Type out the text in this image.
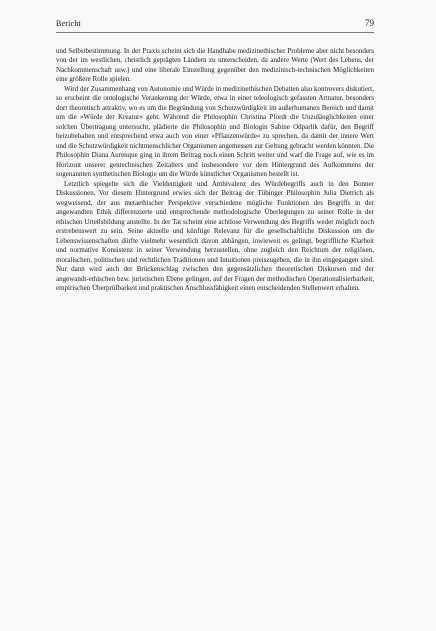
Bericht	79

und Selbstbestimmung. In der Praxis scheint sich die Handhabe medizinethischer Probleme aber nicht besonders von der im westlichen, christlich geprägten Ländern zu unterscheiden, da andere Werte (Wert des Lebens, der Nachkommenschaft usw.) und eine liberale Einstellung gegenüber den medizinisch-technischen Möglichkeiten eine größere Rolle spielen.

Wird der Zusammenhang von Autonomie und Würde in medizinethischen Debatten also kontrovers diskutiert, so erscheint die ontologische Verankerung der Würde, etwa in einer teleologisch gefassten Artnatur, besonders dort theoretisch attraktiv, wo es um die Begründung von Schutzwürdigkeit im außerhumanen Bereich und damit um die »Würde der Kreatur« geht. Während die Philosophin Christina Pfordt die Unzulänglichkeiten einer solchen Übertragung untersucht, plädierte die Philosophin und Biologin Sabine Odparlik dafür, den Begriff beizubehalten und entsprechend etwa auch von einer »Pflanzenwürde« zu sprechen, da damit der innere Wert und die Schutzwürdigkeit nichtmenschlicher Organismen angemessen zur Geltung gebracht werden könnten. Die Philosophin Diana Aurenque ging in ihrem Beitrag noch einen Schritt weiter und warf die Frage auf, wie es im Horizont unserer gentechnischen Zeitalters und insbesondere vor dem Hintergrund des Aufkommens der sogenannten synthetischen Biologie um die Würde künstlicher Organismen bestellt ist.

Letztlich spiegelte sich die Vieldeutigkeit und Ambivalenz des Würdebegriffs auch in den Bonner Diskussionen. Vor diesem Hintergrund erwies sich der Beitrag der Tübinger Philosophin Julia Dietrich als wegweisend, der aus metaethischer Perspektive verschiedene mögliche Funktionen des Begriffs in der angewandten Ethik differenzierte und entsprechende methodologische Überlegungen zu seiner Rolle in der ethischen Urteilsbildung anstellte. In der Tat scheint eine achtlose Verwendung des Begriffs weder möglich noch erstrebenswert zu sein. Seine aktuelle und künftige Relevanz für die gesellschaftliche Diskussion um die Lebenswissenschaften dürfte vielmehr wesentlich davon abhängen, inwieweit es gelingt, begriffliche Klarheit und normative Konsistenz in seiner Verwendung herzustellen, ohne zugleich den Reichtum der religiösen, moralischen, politischen und rechtlichen Traditionen und Intuitionen preiszugeben, die in ihn eingegangen sind. Nur dann wird auch der Brückenschlag zwischen den gegensätzlichen theoretischen Diskursen und der angewandt-ethischen bzw. juristischen Ebene gelingen, auf der Fragen der methodischen Operationalisierbarkeit, empirischen Überprüfbarkeit und praktischen Anschlussfähigkeit einen entscheidenden Stellenwert erhalten.
